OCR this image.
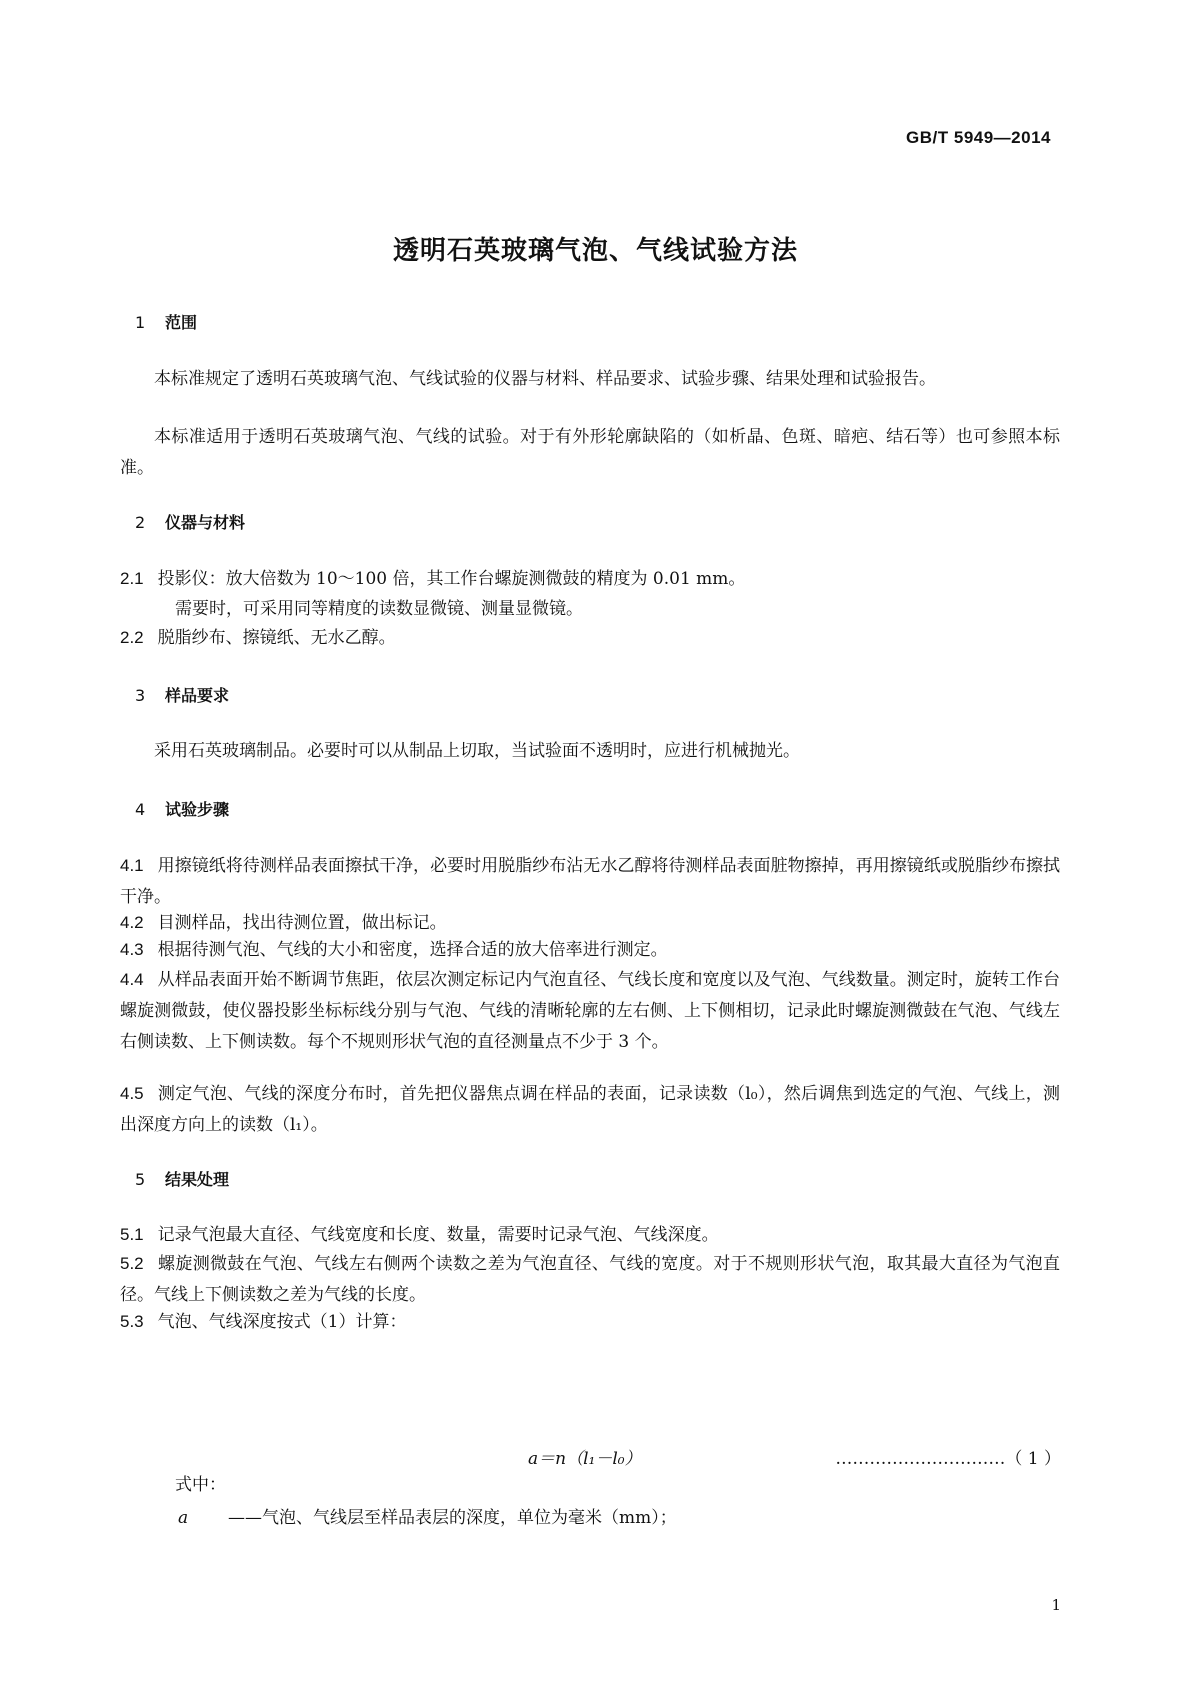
GB/T 5949—2014
透明石英玻璃气泡、气线试验方法
1 范围
本标准规定了透明石英玻璃气泡、气线试验的仪器与材料、样品要求、试验步骤、结果处理和试验报告。
本标准适用于透明石英玻璃气泡、气线的试验。对于有外形轮廓缺陷的（如析晶、色斑、暗疤、结石等）也可参照本标准。
2 仪器与材料
2.1 投影仪：放大倍数为 10～100 倍，其工作台螺旋测微鼓的精度为 0.01 mm。
需要时，可采用同等精度的读数显微镜、测量显微镜。
2.2 脱脂纱布、擦镜纸、无水乙醇。
3 样品要求
采用石英玻璃制品。必要时可以从制品上切取，当试验面不透明时，应进行机械抛光。
4 试验步骤
4.1 用擦镜纸将待测样品表面擦拭干净，必要时用脱脂纱布沾无水乙醇将待测样品表面脏物擦掉，再用擦镜纸或脱脂纱布擦拭干净。
4.2 目测样品，找出待测位置，做出标记。
4.3 根据待测气泡、气线的大小和密度，选择合适的放大倍率进行测定。
4.4 从样品表面开始不断调节焦距，依层次测定标记内气泡直径、气线长度和宽度以及气泡、气线数量。测定时，旋转工作台螺旋测微鼓，使仪器投影坐标标线分别与气泡、气线的清晰轮廓的左右侧、上下侧相切，记录此时螺旋测微鼓在气泡、气线左右侧读数、上下侧读数。每个不规则形状气泡的直径测量点不少于 3 个。
4.5 测定气泡、气线的深度分布时，首先把仪器焦点调在样品的表面，记录读数（l₀），然后调焦到选定的气泡、气线上，测出深度方向上的读数（l₁）。
5 结果处理
5.1 记录气泡最大直径、气线宽度和长度、数量，需要时记录气泡、气线深度。
5.2 螺旋测微鼓在气泡、气线左右侧两个读数之差为气泡直径、气线的宽度。对于不规则形状气泡，取其最大直径为气泡直径。气线上下侧读数之差为气线的长度。
5.3 气泡、气线深度按式（1）计算：
a＝n（l₁－l₀）	…………………………（ 1 ）
式中：
a ——气泡、气线层至样品表层的深度，单位为毫米（mm）；
1
